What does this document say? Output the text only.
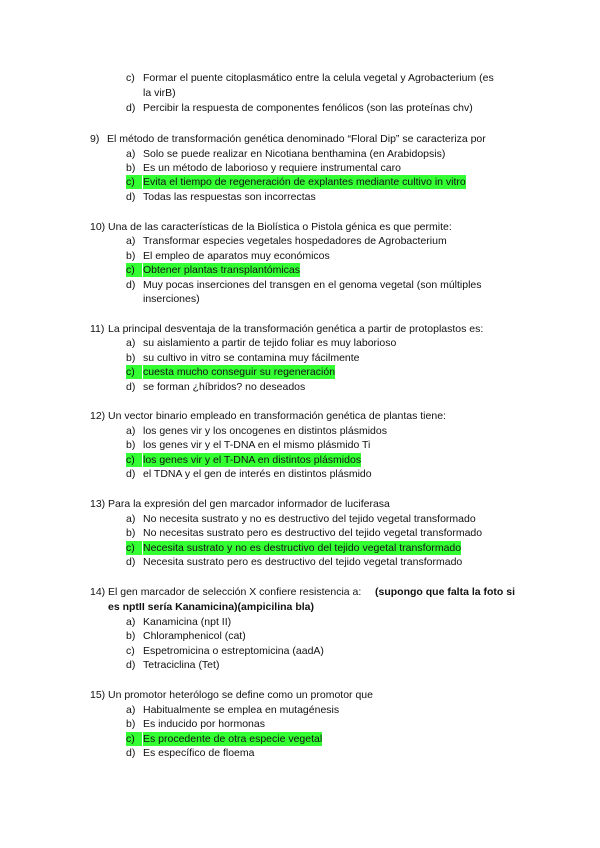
c) Formar el puente citoplasmático entre la celula vegetal y Agrobacterium (es
la virB)
d) Percibir la respuesta de componentes fenólicos (son las proteínas chv)
9) El método de transformación genética denominado “Floral Dip” se caracteriza por
a) Solo se puede realizar en Nicotiana benthamina (en Arabidopsis)
b) Es un método de laborioso y requiere instrumental caro
c) Evita el tiempo de regeneración de explantes mediante cultivo in vitro
d) Todas las respuestas son incorrectas
10) Una de las características de la Biolística o Pistola génica es que permite:
a) Transformar especies vegetales hospedadores de Agrobacterium
b) El empleo de aparatos muy económicos
c) Obtener plantas transplantómicas
d) Muy pocas inserciones del transgen en el genoma vegetal (son múltiples
inserciones)
11) La principal desventaja de la transformación genética a partir de protoplastos es:
a) su aislamiento a partir de tejido foliar es muy laborioso
b) su cultivo in vitro se contamina muy fácilmente
c) cuesta mucho conseguir su regeneración
d) se forman ¿híbridos? no deseados
12) Un vector binario empleado en transformación genética de plantas tiene:
a) los genes vir y los oncogenes en distintos plásmidos
b) los genes vir y el T-DNA en el mismo plásmido Ti
c) los genes vir y el T-DNA en distintos plásmidos
d) el TDNA y el gen de interés en distintos plásmido
13) Para la expresión del gen marcador informador de luciferasa
a) No necesita sustrato y no es destructivo del tejido vegetal transformado
b) No necesitas sustrato pero es destructivo del tejido vegetal transformado
c) Necesita sustrato y no es destructivo del tejido vegetal transformado
d) Necesita sustrato pero es destructivo del tejido vegetal transformado
14) El gen marcador de selección X confiere resistencia a: (supongo que falta la foto si
es nptII sería Kanamicina)(ampicilina bla)
a) Kanamicina (npt II)
b) Chloramphenicol (cat)
c) Espetromicina o estreptomicina (aadA)
d) Tetraciclina (Tet)
15) Un promotor heterólogo se define como un promotor que
a) Habitualmente se emplea en mutagénesis
b) Es inducido por hormonas
c) Es procedente de otra especie vegetal
d) Es específico de floema
